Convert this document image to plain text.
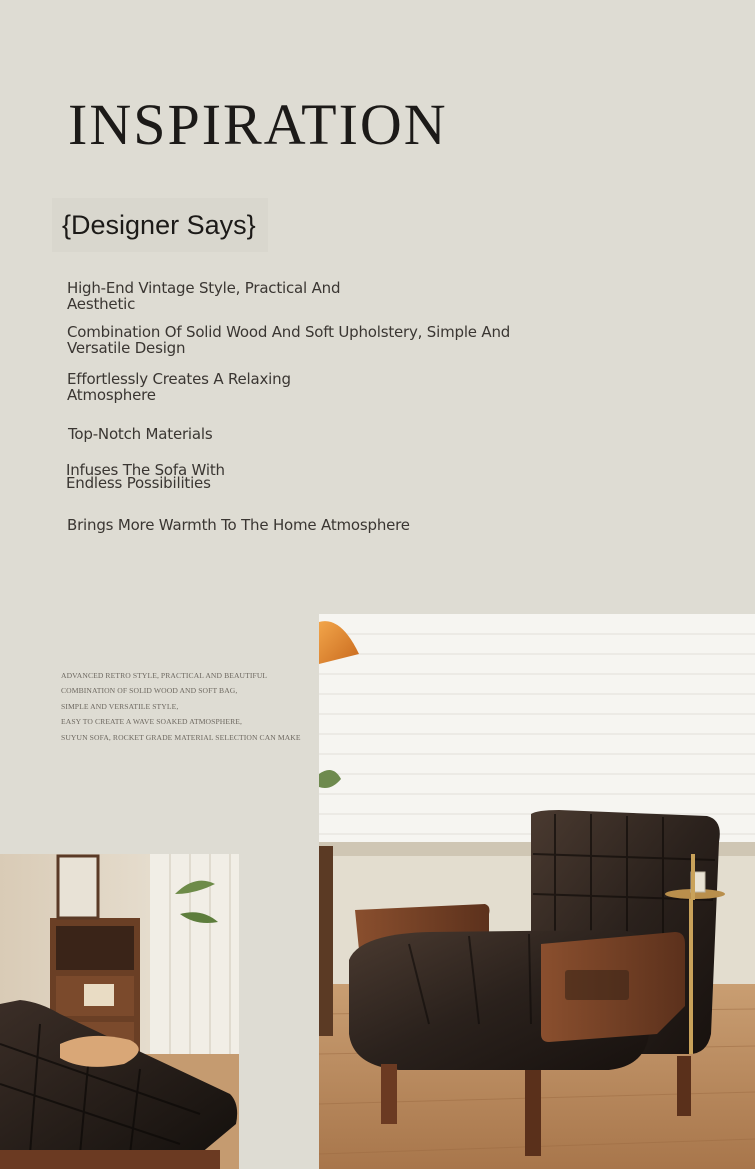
INSPIRATION
{Designer Says}
High-End Vintage Style, Practical And
Aesthetic
Combination Of Solid Wood And Soft Upholstery, Simple And
Versatile Design
Effortlessly Creates A Relaxing
Atmosphere
Top-Notch Materials
Infuses The Sofa With
Endless Possibilities
Brings More Warmth To The Home Atmosphere
ADVANCED RETRO STYLE, PRACTICAL AND BEAUTIFUL
COMBINATION OF SOLID WOOD AND SOFT BAG,
SIMPLE AND VERSATILE STYLE,
EASY TO CREATE A WAVE SOAKED ATMOSPHERE,
SUYUN SOFA, ROCKET GRADE MATERIAL SELECTION CAN MAKE
